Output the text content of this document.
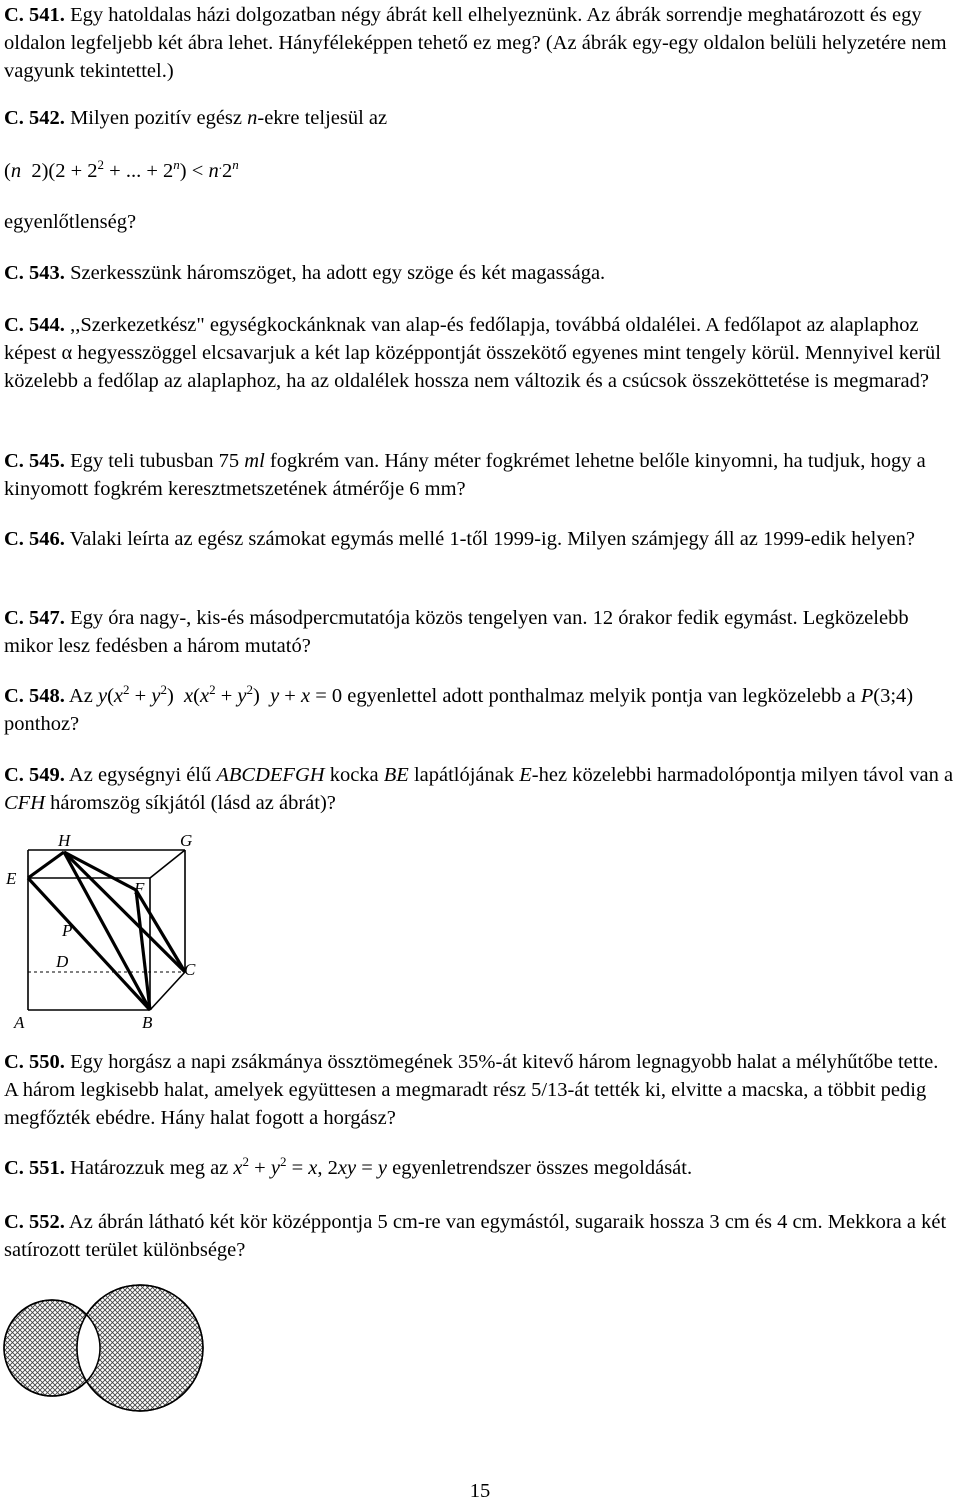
C. 541. Egy hatoldalas házi dolgozatban négy ábrát kell elhelyeznünk. Az ábrák sorrendje meghatározott és egy oldalon legfeljebb két ábra lehet. Hányféleképpen tehető ez meg? (Az ábrák egy-egy oldalon belüli helyzetére nem vagyunk tekintettel.)
C. 542. Milyen pozitív egész n-ekre teljesül az
(n  $2)(2 + 2^2$ + ... + $2^n) < n^.2^n$
egyenlőtlenség?
C. 543. Szerkesszünk háromszöget, ha adott egy szöge és két magassága.
C. 544. ,,Szerkezetkész" egységkockánknak van alap-és fedőlapja, továbbá oldalélei. A fedőlapot az alaplaphoz képest α hegyesszöggel elcsavarjuk a két lap középpontját összekötő egyenes mint tengely körül. Mennyivel kerül közelebb a fedőlap az alaplaphoz, ha az oldalélek hossza nem változik és a csúcsok összeköttetése is megmarad?
C. 545. Egy teli tubusban 75 ml fogkrém van. Hány méter fogkrémet lehetne belőle kinyomni, ha tudjuk, hogy a kinyomott fogkrém keresztmetszetének átmérője 6 mm?
C. 546. Valaki leírta az egész számokat egymás mellé 1-től 1999-ig. Milyen számjegy áll az 1999-edik helyen?
C. 547. Egy óra nagy-, kis-és másodpercmutatója közös tengelyen van. 12 órakor fedik egymást. Legközelebb mikor lesz fedésben a három mutató?
C. 548. Az $y(x^2 + y^2) x(x^2 + y^2) y + x = 0$ egyenlettel adott ponthalmaz melyik pontja van legközelebb a P(3;4) ponthoz?
C. 549. Az egységnyi élű ABCDEFGH kocka BE lapátlójának E-hez közelebbi harmadolópontja milyen távol van a CFH háromszög síkjától (lásd az ábrát)?
H	G
E
F
P
D	C
A	B
C. 550. Egy horgász a napi zsákmánya össztömegének 35%-át kitevő három legnagyobb halat a mélyhűtőbe tette. A három legkisebb halat, amelyek együttesen a megmaradt rész 5/13-át tették ki, elvitte a macska, a többit pedig megfőzték ebédre. Hány halat fogott a horgász?
C. 551. Határozzuk meg az $x^2 + y^2 = x$, 2xy = y egyenletrendszer összes megoldását.
C. 552. Az ábrán látható két kör középpontja 5 cm-re van egymástól, sugaraik hossza 3 cm és 4 cm. Mekkora a két satírozott terület különbsége?
15
